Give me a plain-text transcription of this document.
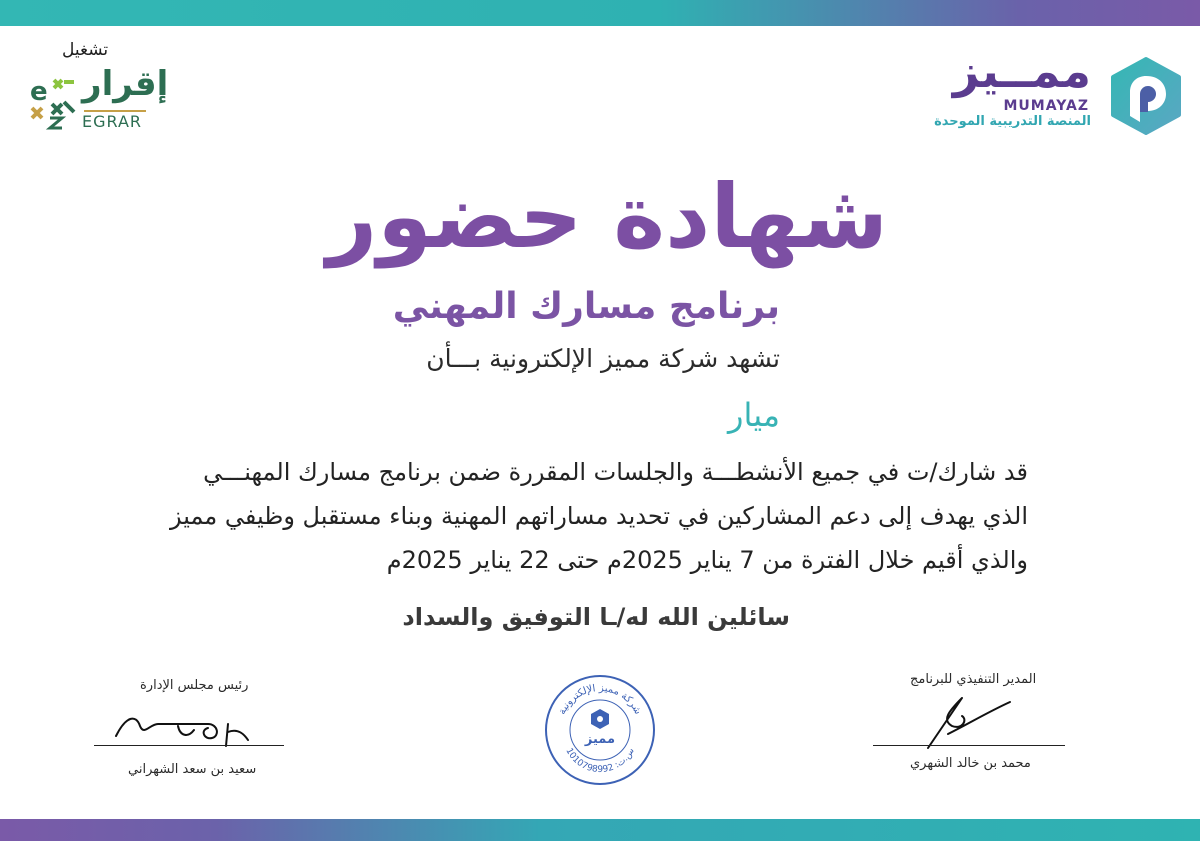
تشغيل
e إقرار
EGRAR
ممــيز
MUMAYAZ
المنصة التدريبية الموحدة
شهادة حضور
برنامج مسارك المهني
تشهد شركة مميز الإلكترونية بـــأن
ميار
قد شارك/ت في جميع الأنشطـــة والجلسات المقررة ضمن برنامج مسارك المهنـــي
الذي يهدف إلى دعم المشاركين في تحديد مساراتهم المهنية وبناء مستقبل وظيفي مميز
والذي أقيم خلال الفترة من 7 يناير 2025م حتى 22 يناير 2025م
سائلين الله له/ـا التوفيق والسداد
رئيس مجلس الإدارة
سعيد بن سعد الشهراني
شركة مميز الإلكترونية
س.ت: 1010798992
مميز
المدير التنفيذي للبرنامج
محمد بن خالد الشهري
